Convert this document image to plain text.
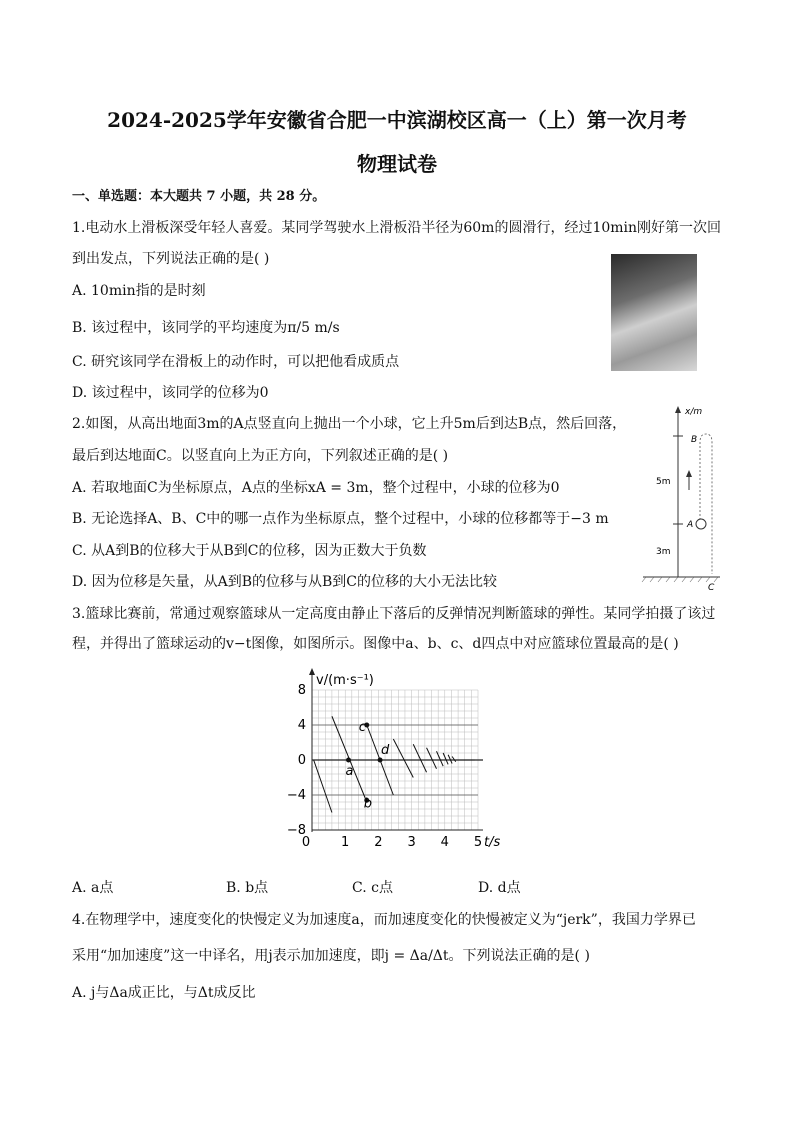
2024-2025学年安徽省合肥一中滨湖校区高一（上）第一次月考
物理试卷
一、单选题：本大题共 7 小题，共 28 分。
1.电动水上滑板深受年轻人喜爱。某同学驾驶水上滑板沿半径为60m的圆滑行，经过10min刚好第一次回
到出发点，下列说法正确的是( )
A. 10min指的是时刻
B. 该过程中，该同学的平均速度为π/5 m/s
C. 研究该同学在滑板上的动作时，可以把他看成质点
D. 该过程中，该同学的位移为0
2.如图，从高出地面3m的A点竖直向上抛出一个小球，它上升5m后到达B点，然后回落，
最后到达地面C。以竖直向上为正方向，下列叙述正确的是( )
A. 若取地面C为坐标原点，A点的坐标xA = 3m，整个过程中，小球的位移为0
B. 无论选择A、B、C中的哪一点作为坐标原点，整个过程中，小球的位移都等于−3 m
C. 从A到B的位移大于从B到C的位移，因为正数大于负数
D. 因为位移是矢量，从A到B的位移与从B到C的位移的大小无法比较
x/m
5m
3m
B
A
C
3.篮球比赛前，常通过观察篮球从一定高度由静止下落后的反弹情况判断篮球的弹性。某同学拍摄了该过
程，并得出了篮球运动的v−t图像，如图所示。图像中a、b、c、d四点中对应篮球位置最高的是( )
8
4
0
−4
−8
0 1 2 3 4 5
a
b
c
d
v/(m·s⁻¹)
t/s
A. a点	B. b点	C. c点	D. d点
4.在物理学中，速度变化的快慢定义为加速度a，而加速度变化的快慢被定义为“jerk”，我国力学界已
采用“加加速度”这一中译名，用j表示加加速度，即j = Δa/Δt。下列说法正确的是( )
A. j与Δa成正比，与Δt成反比
